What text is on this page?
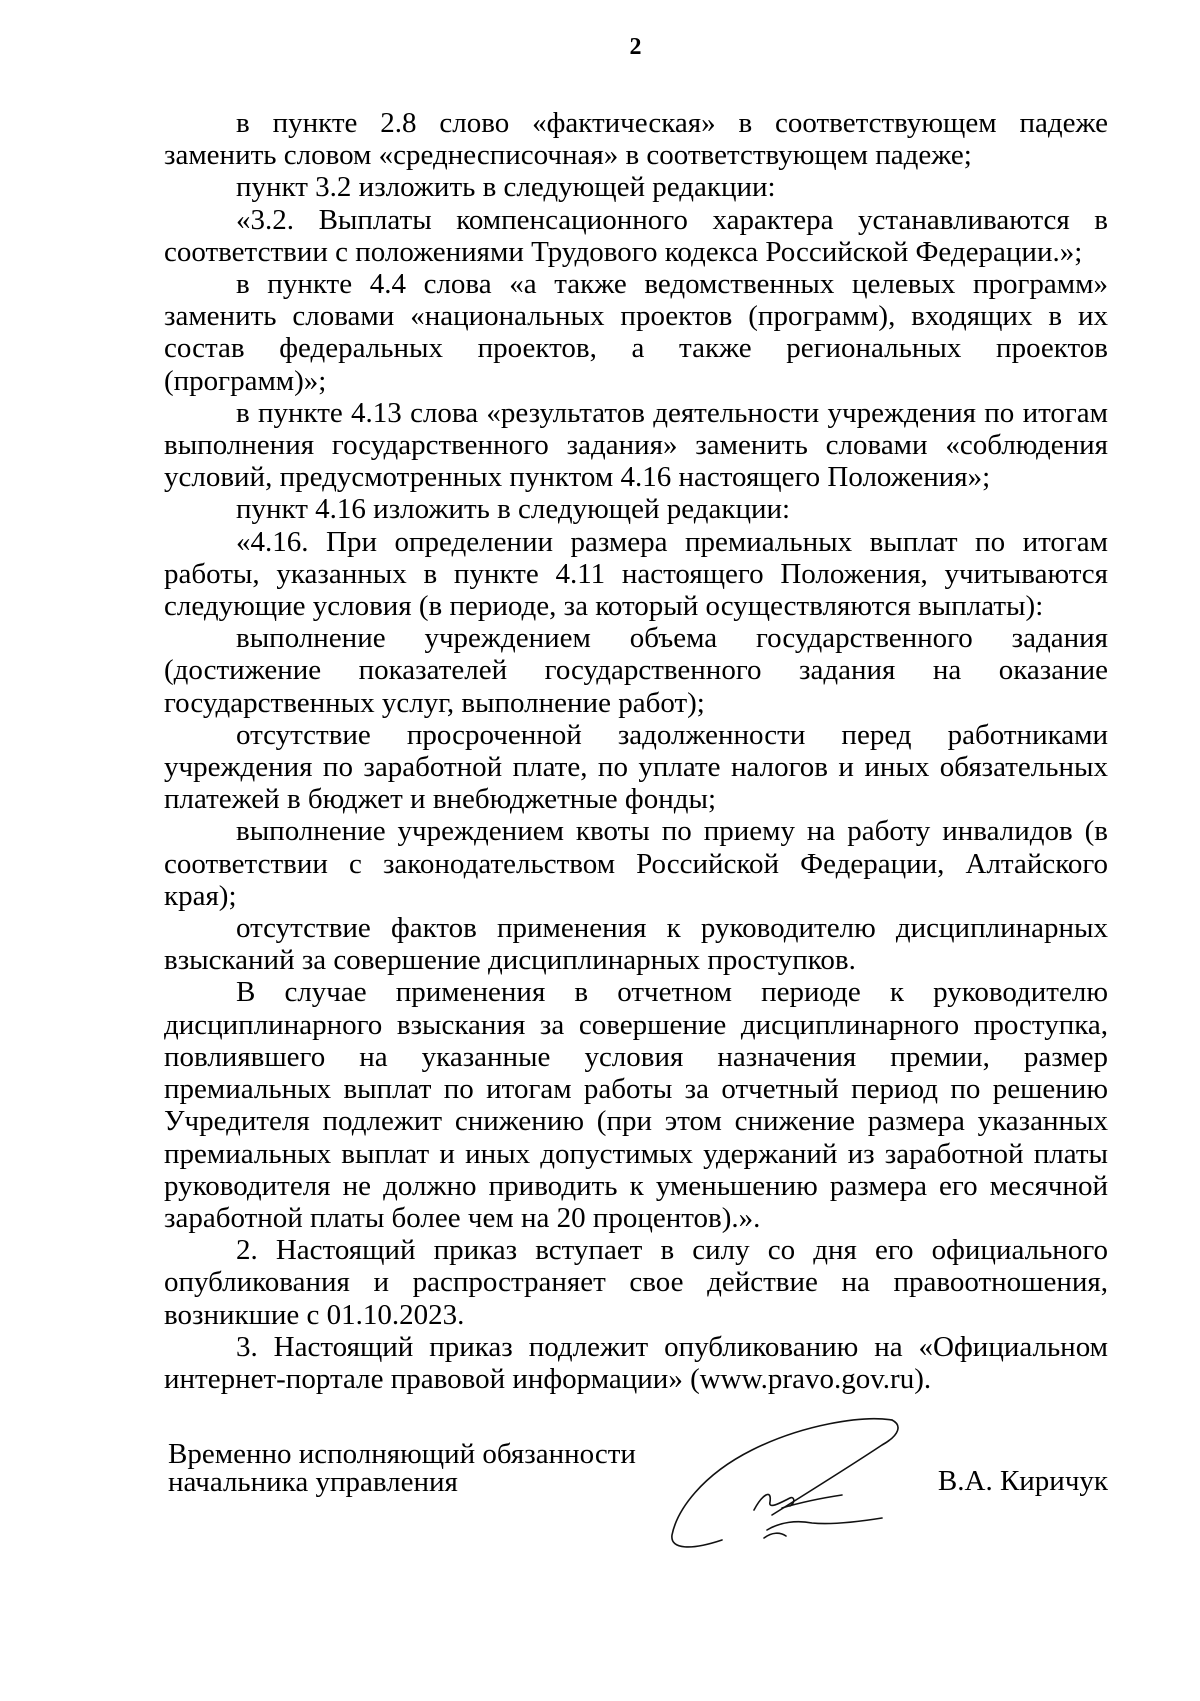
2

в пункте 2.8 слово «фактическая» в соответствующем падеже заменить словом «среднесписочная» в соответствующем падеже;

пункт 3.2 изложить в следующей редакции:

«3.2. Выплаты компенсационного характера устанавливаются в соответствии с положениями Трудового кодекса Российской Федерации.»;

в пункте 4.4 слова «а также ведомственных целевых программ» заменить словами «национальных проектов (программ), входящих в их состав федеральных проектов, а также региональных проектов (программ)»;

в пункте 4.13 слова «результатов деятельности учреждения по итогам выполнения государственного задания» заменить словами «соблюдения условий, предусмотренных пунктом 4.16 настоящего Положения»;

пункт 4.16 изложить в следующей редакции:

«4.16. При определении размера премиальных выплат по итогам работы, указанных в пункте 4.11 настоящего Положения, учитываются следующие условия (в периоде, за который осуществляются выплаты):

выполнение учреждением объема государственного задания (достижение показателей государственного задания на оказание государственных услуг, выполнение работ);

отсутствие просроченной задолженности перед работниками учреждения по заработной плате, по уплате налогов и иных обязательных платежей в бюджет и внебюджетные фонды;

выполнение учреждением квоты по приему на работу инвалидов (в соответствии с законодательством Российской Федерации, Алтайского края);

отсутствие фактов применения к руководителю дисциплинарных взысканий за совершение дисциплинарных проступков.

В случае применения в отчетном периоде к руководителю дисциплинарного взыскания за совершение дисциплинарного проступка, повлиявшего на указанные условия назначения премии, размер премиальных выплат по итогам работы за отчетный период по решению Учредителя подлежит снижению (при этом снижение размера указанных премиальных выплат и иных допустимых удержаний из заработной платы руководителя не должно приводить к уменьшению размера его месячной заработной платы более чем на 20 процентов).».

2. Настоящий приказ вступает в силу со дня его официального опубликования и распространяет свое действие на правоотношения, возникшие с 01.10.2023.

3. Настоящий приказ подлежит опубликованию на «Официальном интернет-портале правовой информации» (www.pravo.gov.ru).

Временно исполняющий обязанности
начальника управления	В.А. Киричук
